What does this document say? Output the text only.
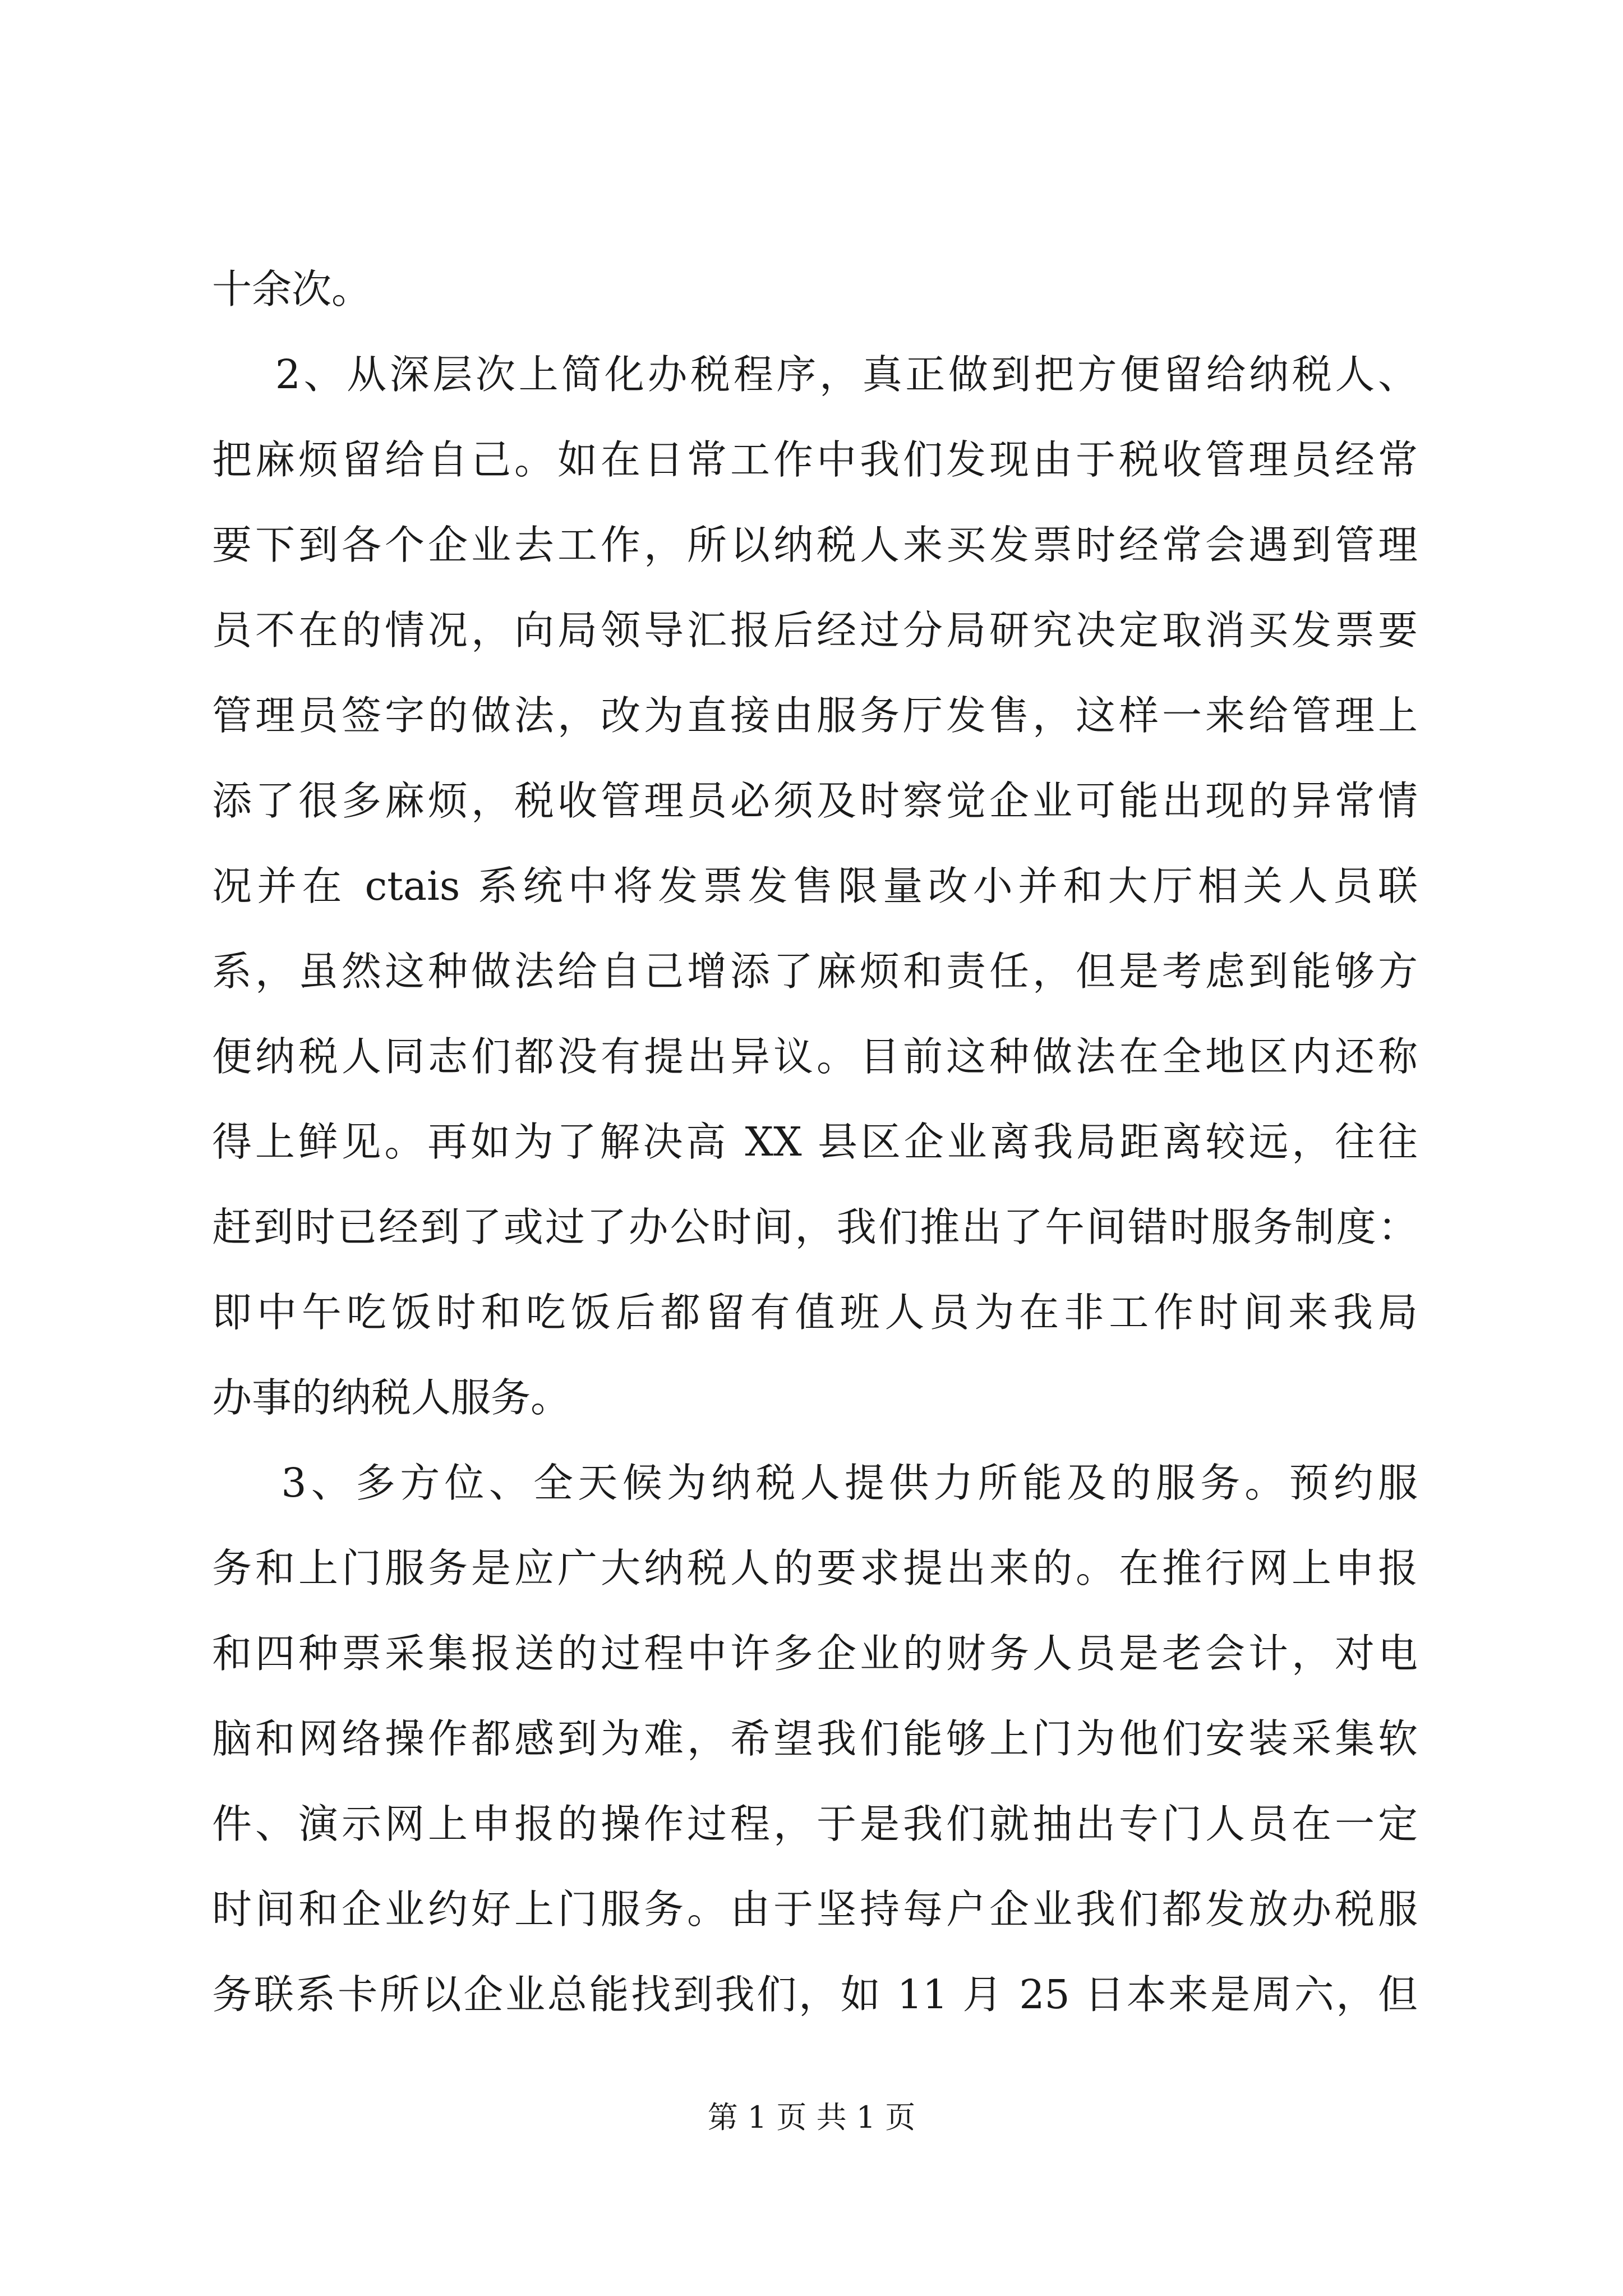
十余次。
2、从深层次上简化办税程序，真正做到把方便留给纳税人、
把麻烦留给自己。如在日常工作中我们发现由于税收管理员经常
要下到各个企业去工作，所以纳税人来买发票时经常会遇到管理
员不在的情况，向局领导汇报后经过分局研究决定取消买发票要
管理员签字的做法，改为直接由服务厅发售，这样一来给管理上
添了很多麻烦，税收管理员必须及时察觉企业可能出现的异常情
况并在 ctais 系统中将发票发售限量改小并和大厅相关人员联
系，虽然这种做法给自己增添了麻烦和责任，但是考虑到能够方
便纳税人同志们都没有提出异议。目前这种做法在全地区内还称
得上鲜见。再如为了解决高 XX 县区企业离我局距离较远，往往
赶到时已经到了或过了办公时间，我们推出了午间错时服务制度：
即中午吃饭时和吃饭后都留有值班人员为在非工作时间来我局
办事的纳税人服务。
3、多方位、全天候为纳税人提供力所能及的服务。预约服
务和上门服务是应广大纳税人的要求提出来的。在推行网上申报
和四种票采集报送的过程中许多企业的财务人员是老会计，对电
脑和网络操作都感到为难，希望我们能够上门为他们安装采集软
件、演示网上申报的操作过程，于是我们就抽出专门人员在一定
时间和企业约好上门服务。由于坚持每户企业我们都发放办税服
务联系卡所以企业总能找到我们，如 11 月 25 日本来是周六，但
第 1 页 共 1 页
